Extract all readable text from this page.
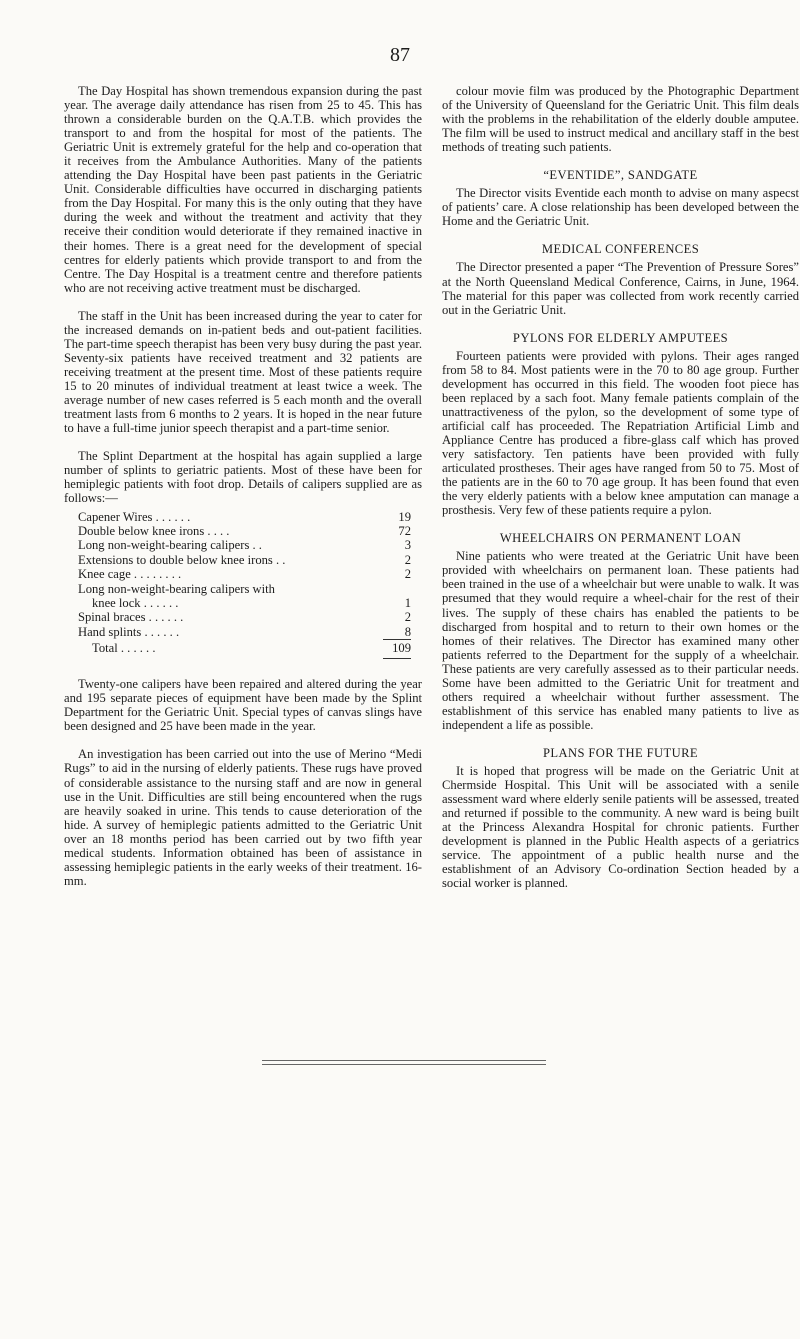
87

The Day Hospital has shown tremendous expansion during the past year. The average daily attendance has risen from 25 to 45. This has thrown a considerable burden on the Q.A.T.B. which provides the transport to and from the hospital for most of the patients. The Geriatric Unit is extremely grateful for the help and co-operation that it receives from the Ambulance Authorities. Many of the patients attending the Day Hospital have been past patients in the Geriatric Unit. Considerable difficulties have occurred in discharging patients from the Day Hospital. For many this is the only outing that they have during the week and without the treatment and activity that they receive their condition would deteriorate if they remained inactive in their homes. There is a great need for the development of special centres for elderly patients which provide transport to and from the Centre. The Day Hospital is a treatment centre and therefore patients who are not receiving active treatment must be discharged.

The staff in the Unit has been increased during the year to cater for the increased demands on in-patient beds and out-patient facilities. The part-time speech therapist has been very busy during the past year. Seventy-six patients have received treatment and 32 patients are receiving treatment at the present time. Most of these patients require 15 to 20 minutes of individual treatment at least twice a week. The average number of new cases referred is 5 each month and the overall treatment lasts from 6 months to 2 years. It is hoped in the near future to have a full-time junior speech therapist and a part-time senior.

The Splint Department at the hospital has again supplied a large number of splints to geriatric patients. Most of these have been for hemiplegic patients with foot drop. Details of calipers supplied are as follows:—

Capener Wires . . . . . .	19
Double below knee irons . . . .	72
Long non-weight-bearing calipers . .	3
Extensions to double below knee irons . .	2
Knee cage . . . . . . . .	2
Long non-weight-bearing calipers with
knee lock . . . . . .	1
Spinal braces . . . . . .	2
Hand splints . . . . . .	8
Total . . . . . .	109

Twenty-one calipers have been repaired and altered during the year and 195 separate pieces of equipment have been made by the Splint Department for the Geriatric Unit. Special types of canvas slings have been designed and 25 have been made in the year.

An investigation has been carried out into the use of Merino “Medi Rugs” to aid in the nursing of elderly patients. These rugs have proved of considerable assistance to the nursing staff and are now in general use in the Unit. Difficulties are still being encountered when the rugs are heavily soaked in urine. This tends to cause deterioration of the hide. A survey of hemiplegic patients admitted to the Geriatric Unit over an 18 months period has been carried out by two fifth year medical students. Information obtained has been of assistance in assessing hemiplegic patients in the early weeks of their treatment. 16-mm.

colour movie film was produced by the Photographic Department of the University of Queensland for the Geriatric Unit. This film deals with the problems in the rehabilitation of the elderly double amputee. The film will be used to instruct medical and ancillary staff in the best methods of treating such patients.

“EVENTIDE”, SANDGATE

The Director visits Eventide each month to advise on many aspecst of patients’ care. A close relationship has been developed between the Home and the Geriatric Unit.

MEDICAL CONFERENCES

The Director presented a paper “The Prevention of Pressure Sores” at the North Queensland Medical Conference, Cairns, in June, 1964. The material for this paper was collected from work recently carried out in the Geriatric Unit.

PYLONS FOR ELDERLY AMPUTEES

Fourteen patients were provided with pylons. Their ages ranged from 58 to 84. Most patients were in the 70 to 80 age group. Further development has occurred in this field. The wooden foot piece has been replaced by a sach foot. Many female patients complain of the unattractiveness of the pylon, so the development of some type of artificial calf has proceeded. The Repatriation Artificial Limb and Appliance Centre has produced a fibre-glass calf which has proved very satisfactory. Ten patients have been provided with fully articulated prostheses. Their ages have ranged from 50 to 75. Most of the patients are in the 60 to 70 age group. It has been found that even the very elderly patients with a below knee amputation can manage a prosthesis. Very few of these patients require a pylon.

WHEELCHAIRS ON PERMANENT LOAN

Nine patients who were treated at the Geriatric Unit have been provided with wheelchairs on permanent loan. These patients had been trained in the use of a wheelchair but were unable to walk. It was presumed that they would require a wheel-chair for the rest of their lives. The supply of these chairs has enabled the patients to be discharged from hospital and to return to their own homes or the homes of their relatives. The Director has examined many other patients referred to the Department for the supply of a wheelchair. These patients are very carefully assessed as to their particular needs. Some have been admitted to the Geriatric Unit for treatment and others required a wheelchair without further assessment. The establishment of this service has enabled many patients to live as independent a life as possible.

PLANS FOR THE FUTURE

It is hoped that progress will be made on the Geriatric Unit at Chermside Hospital. This Unit will be associated with a senile assessment ward where elderly senile patients will be assessed, treated and returned if possible to the community. A new ward is being built at the Princess Alexandra Hospital for chronic patients. Further development is planned in the Public Health aspects of a geriatrics service. The appointment of a public health nurse and the establishment of an Advisory Co-ordination Section headed by a social worker is planned.
